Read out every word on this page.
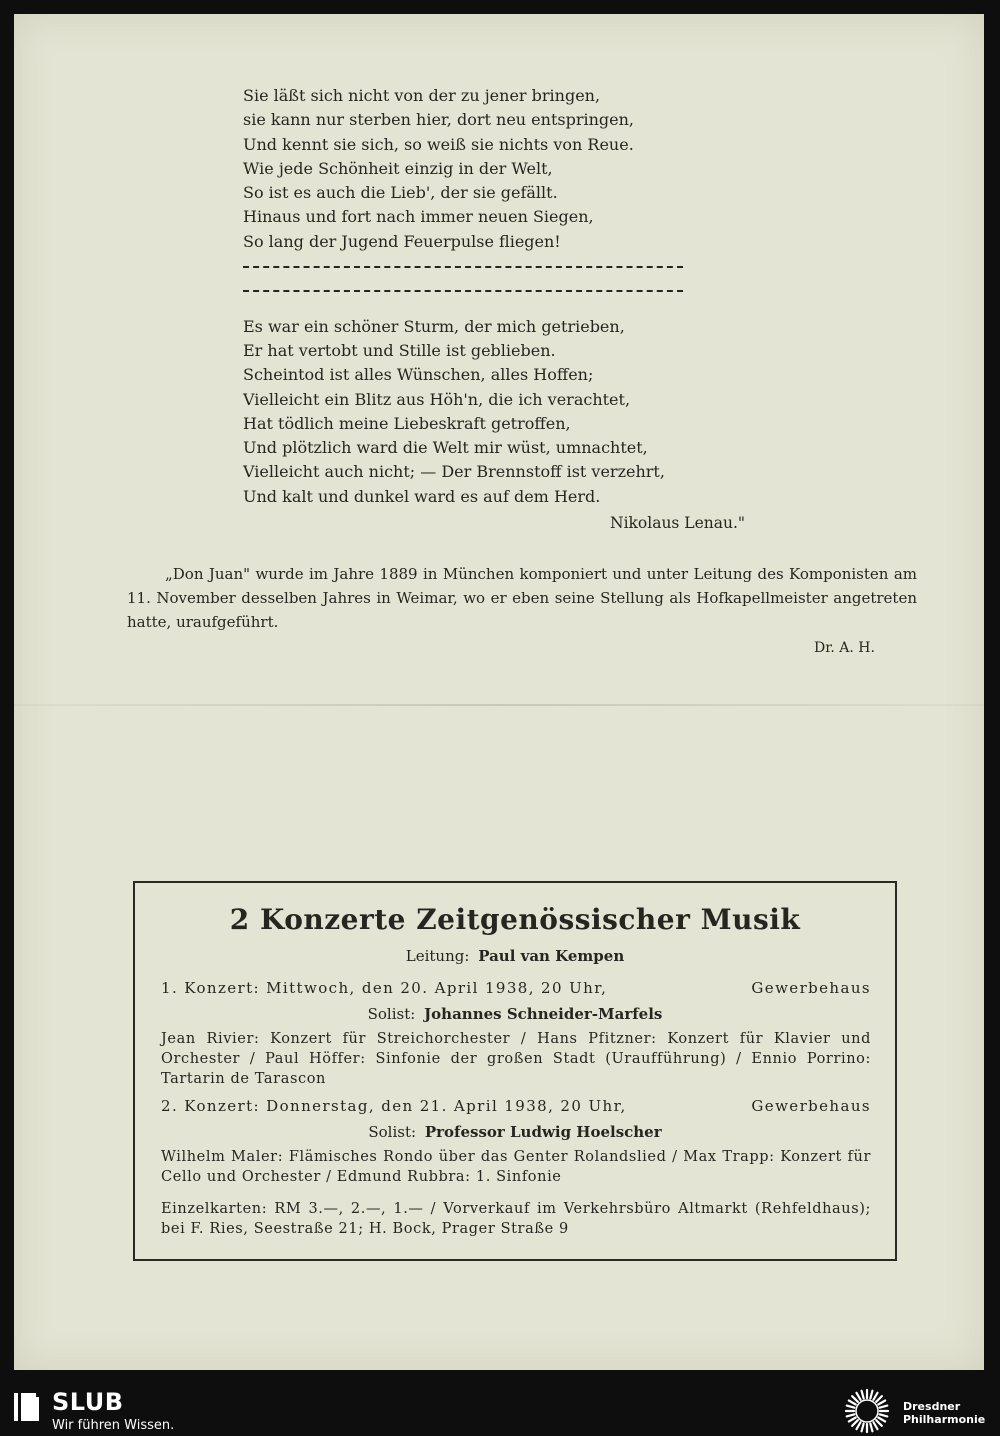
Sie läßt sich nicht von der zu jener bringen,
sie kann nur sterben hier, dort neu entspringen,
Und kennt sie sich, so weiß sie nichts von Reue.
Wie jede Schönheit einzig in der Welt,
So ist es auch die Lieb', der sie gefällt.
Hinaus und fort nach immer neuen Siegen,
So lang der Jugend Feuerpulse fliegen!
Es war ein schöner Sturm, der mich getrieben,
Er hat vertobt und Stille ist geblieben.
Scheintod ist alles Wünschen, alles Hoffen;
Vielleicht ein Blitz aus Höh'n, die ich verachtet,
Hat tödlich meine Liebeskraft getroffen,
Und plötzlich ward die Welt mir wüst, umnachtet,
Vielleicht auch nicht; — Der Brennstoff ist verzehrt,
Und kalt und dunkel ward es auf dem Herd.
Nikolaus Lenau."
„Don Juan" wurde im Jahre 1889 in München komponiert und unter Leitung des Komponisten am 11. November desselben Jahres in Weimar, wo er eben seine Stellung als Hofkapellmeister angetreten hatte, uraufgeführt.
Dr. A. H.
2 Konzerte Zeitgenössischer Musik
Leitung: Paul van Kempen
1. Konzert: Mittwoch, den 20. April 1938, 20 Uhr,	Gewerbehaus
Solist: Johannes Schneider-Marfels
Jean Rivier: Konzert für Streichorchester / Hans Pfitzner: Konzert für Klavier und Orchester / Paul Höffer: Sinfonie der großen Stadt (Uraufführung) / Ennio Porrino: Tartarin de Tarascon
2. Konzert: Donnerstag, den 21. April 1938, 20 Uhr,	Gewerbehaus
Solist: Professor Ludwig Hoelscher
Wilhelm Maler: Flämisches Rondo über das Genter Rolandslied / Max Trapp: Konzert für Cello und Orchester / Edmund Rubbra: 1. Sinfonie
Einzelkarten: RM 3.—, 2.—, 1.— / Vorverkauf im Verkehrsbüro Altmarkt (Rehfeldhaus); bei F. Ries, Seestraße 21; H. Bock, Prager Straße 9
SLUB
Wir führen Wissen.
Dresdner
Philharmonie
